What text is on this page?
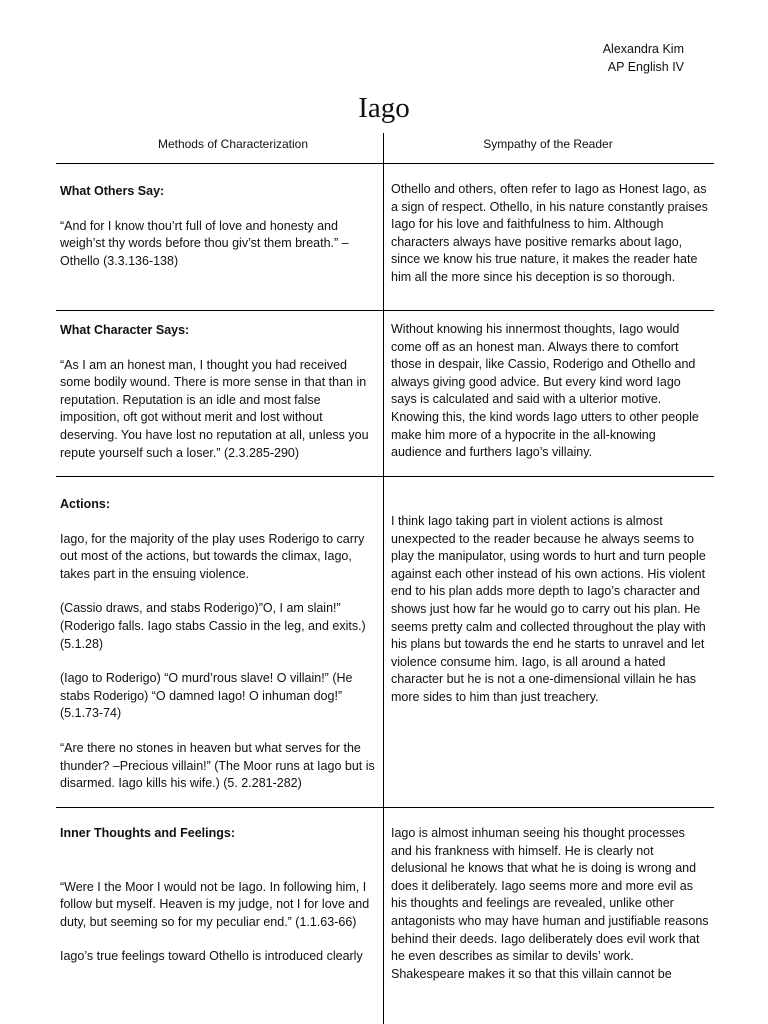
Alexandra Kim
AP English IV
Iago
Methods of Characterization	Sympathy of the Reader
What Others Say:

“And for I know thou’rt full of love and honesty and weigh’st thy words before thou giv’st them breath.” – Othello (3.3.136-138)

Othello and others, often refer to Iago as Honest Iago, as a sign of respect. Othello, in his nature constantly praises Iago for his love and faithfulness to him. Although characters always have positive remarks about Iago, since we know his true nature, it makes the reader hate him all the more since his deception is so thorough.

What Character Says:

“As I am an honest man, I thought you had received some bodily wound. There is more sense in that than in reputation. Reputation is an idle and most false imposition, oft got without merit and lost without deserving. You have lost no reputation at all, unless you repute yourself such a loser.” (2.3.285-290)

Without knowing his innermost thoughts, Iago would come off as an honest man. Always there to comfort those in despair, like Cassio, Roderigo and Othello and always giving good advice. But every kind word Iago says is calculated and said with a ulterior motive. Knowing this, the kind words Iago utters to other people make him more of a hypocrite in the all-knowing audience and furthers Iago’s villainy.

Actions:

Iago, for the majority of the play uses Roderigo to carry out most of the actions, but towards the climax, Iago, takes part in the ensuing violence.

(Cassio draws, and stabs Roderigo)”O, I am slain!” (Roderigo falls. Iago stabs Cassio in the leg, and exits.) (5.1.28)

(Iago to Roderigo) “O murd’rous slave! O villain!” (He stabs Roderigo) “O damned Iago! O inhuman dog!” (5.1.73-74)

“Are there no stones in heaven but what serves for the thunder? –Precious villain!” (The Moor runs at Iago but is disarmed. Iago kills his wife.) (5. 2.281-282)

I think Iago taking part in violent actions is almost unexpected to the reader because he always seems to play the manipulator, using words to hurt and turn people against each other instead of his own actions. His violent end to his plan adds more depth to Iago’s character and shows just how far he would go to carry out his plan. He seems pretty calm and collected throughout the play with his plans but towards the end he starts to unravel and let violence consume him. Iago, is all around a hated character but he is not a one-dimensional villain he has more sides to him than just treachery.

Inner Thoughts and Feelings:

“Were I the Moor I would not be Iago. In following him, I follow but myself. Heaven is my judge, not I for love and duty, but seeming so for my peculiar end.” (1.1.63-66)

Iago’s true feelings toward Othello is introduced clearly

Iago is almost inhuman seeing his thought processes and his frankness with himself. He is clearly not delusional he knows that what he is doing is wrong and does it deliberately. Iago seems more and more evil as his thoughts and feelings are revealed, unlike other antagonists who may have human and justifiable reasons behind their deeds. Iago deliberately does evil work that he even describes as similar to devils’ work. Shakespeare makes it so that this villain cannot be
